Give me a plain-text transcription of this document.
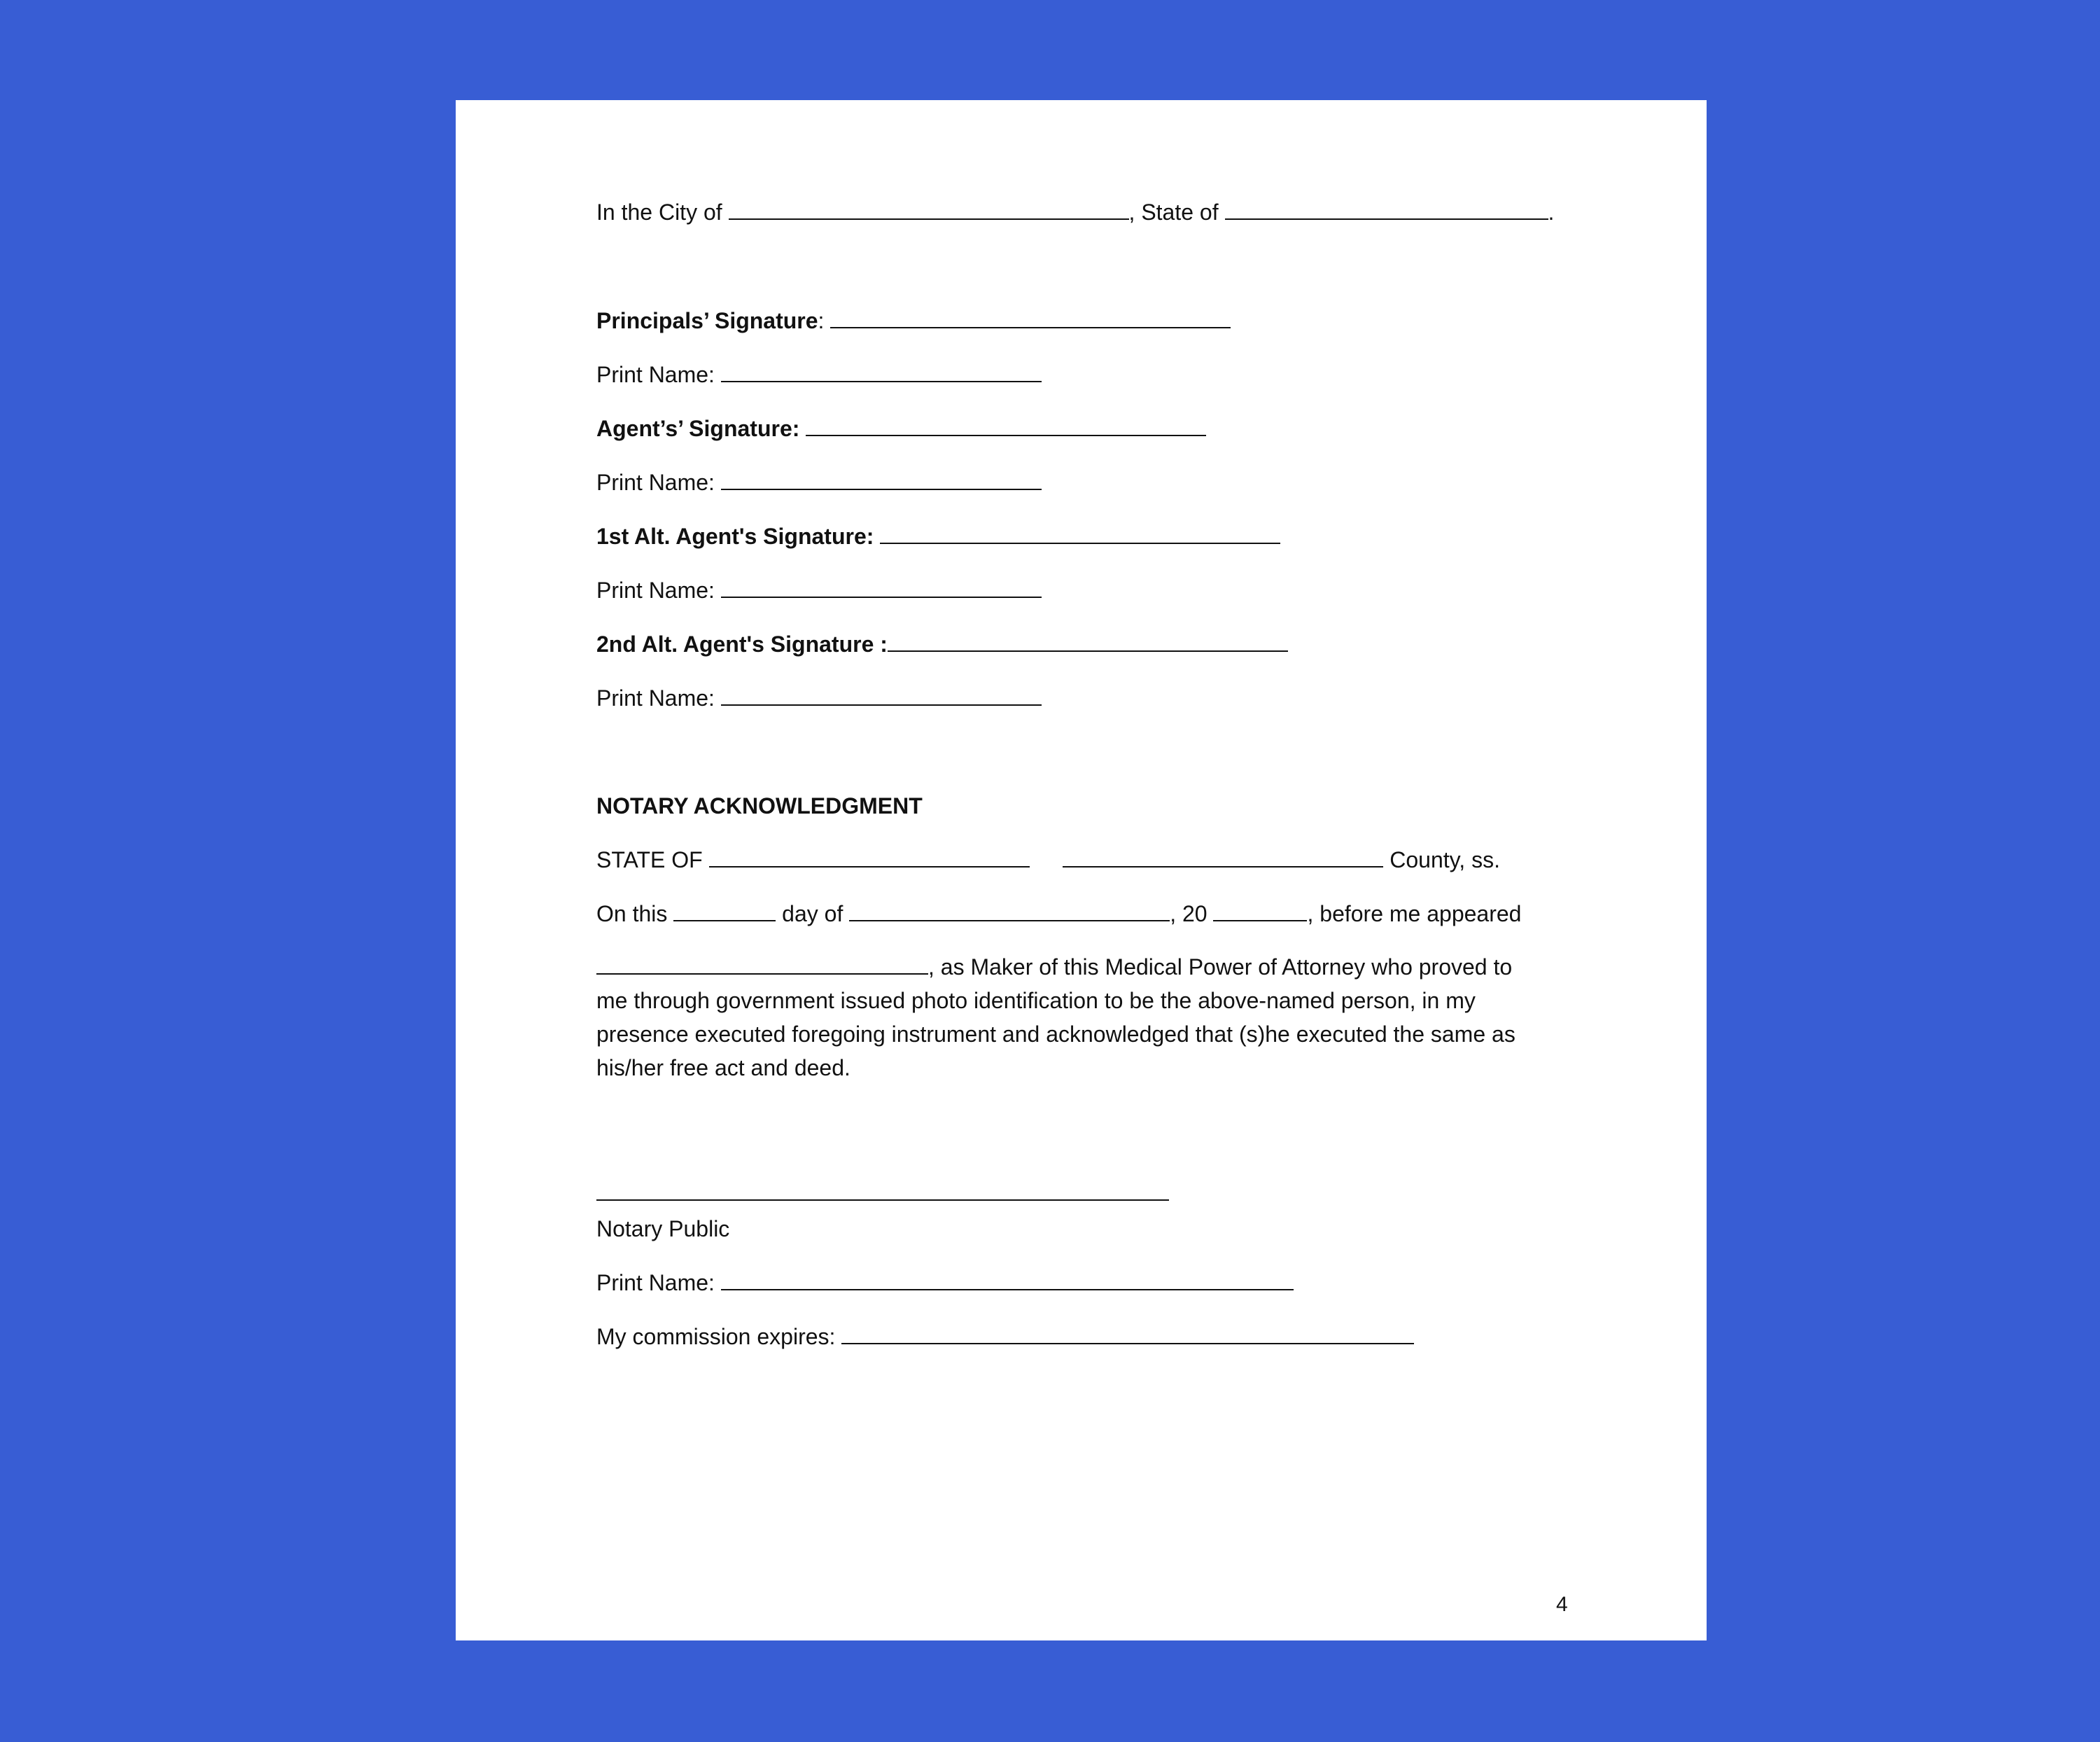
In the City of	, State of	.

Principals’ Signature:

Print Name:

Agent’s’ Signature:

Print Name:

1st Alt. Agent's Signature:

Print Name:

2nd Alt. Agent's Signature :

Print Name:

NOTARY ACKNOWLEDGMENT

STATE OF	County, ss.

On this	day of	, 20	, before me appeared

, as Maker of this Medical Power of Attorney who proved to me through government issued photo identification to be the above-named person, in my presence executed foregoing instrument and acknowledged that (s)he executed the same as his/her free act and deed.

Notary Public

Print Name:

My commission expires:

4
